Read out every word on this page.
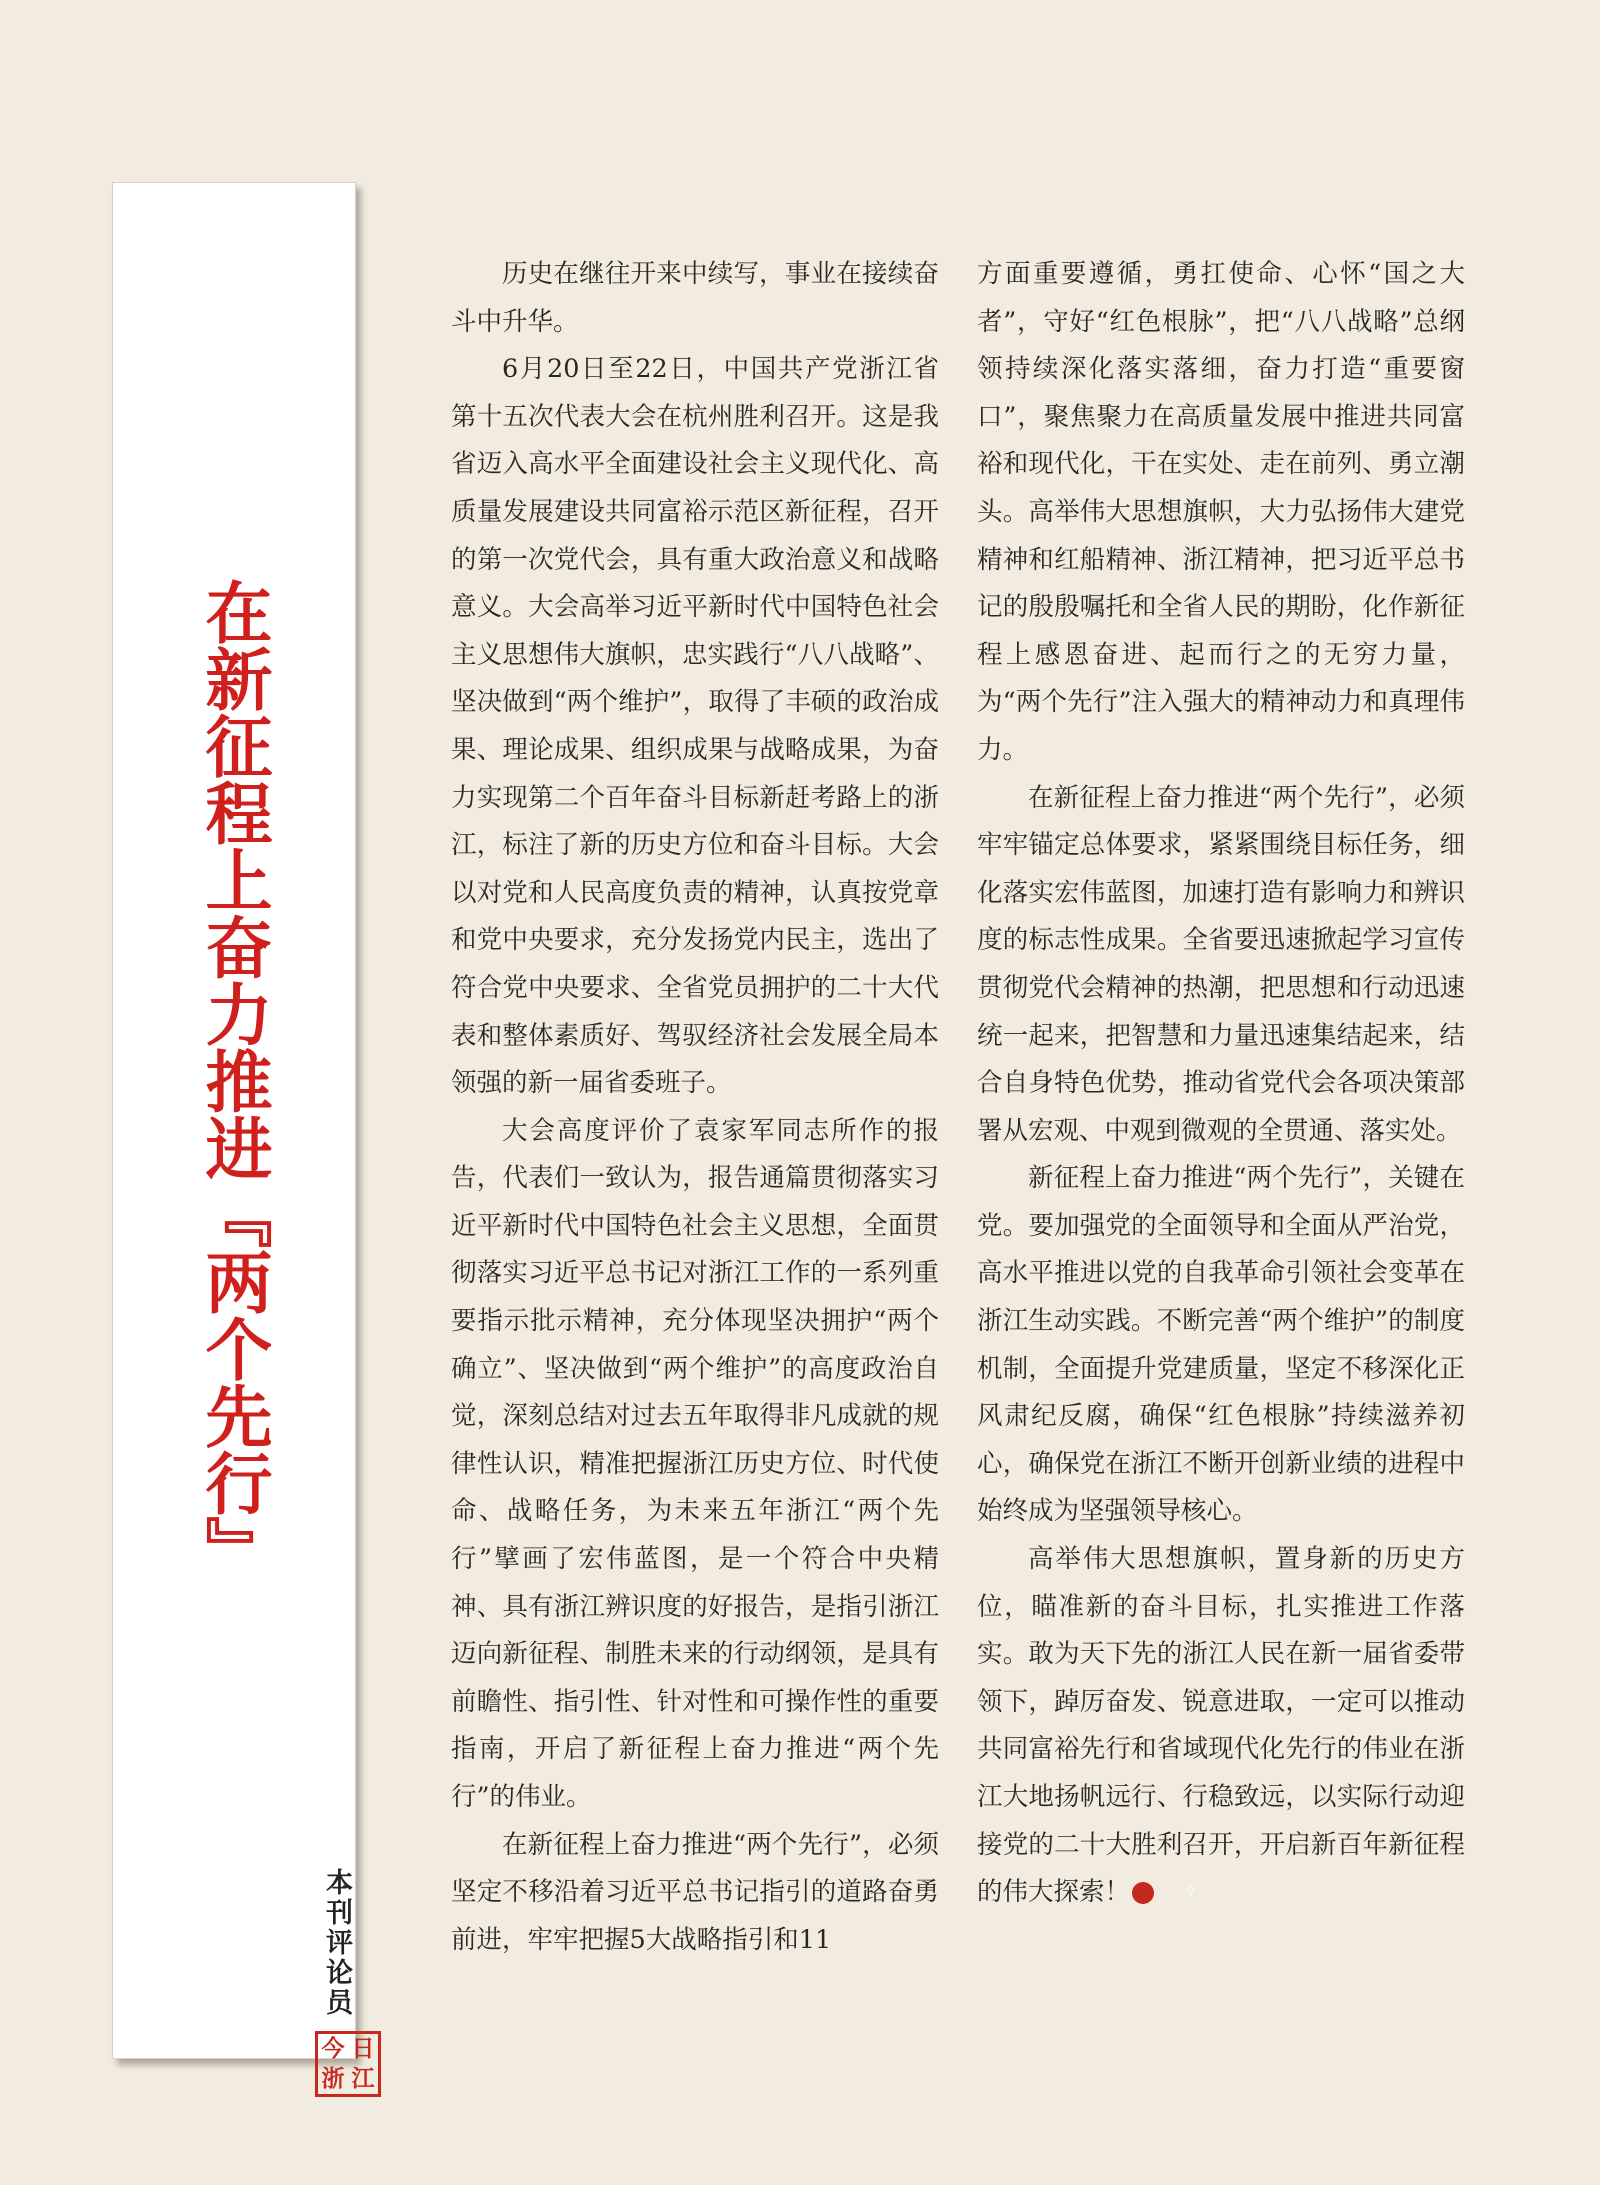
在新征程上奋力推进『两个先行』
本刊评论员
今 日
浙 江

历史在继往开来中续写，事业在接续奋斗中升华。

6月20日至22日，中国共产党浙江省第十五次代表大会在杭州胜利召开。这是我省迈入高水平全面建设社会主义现代化、高质量发展建设共同富裕示范区新征程，召开的第一次党代会，具有重大政治意义和战略意义。大会高举习近平新时代中国特色社会主义思想伟大旗帜，忠实践行“八八战略”、坚决做到“两个维护”，取得了丰硕的政治成果、理论成果、组织成果与战略成果，为奋力实现第二个百年奋斗目标新赶考路上的浙江，标注了新的历史方位和奋斗目标。大会以对党和人民高度负责的精神，认真按党章和党中央要求，充分发扬党内民主，选出了符合党中央要求、全省党员拥护的二十大代表和整体素质好、驾驭经济社会发展全局本领强的新一届省委班子。

大会高度评价了袁家军同志所作的报告，代表们一致认为，报告通篇贯彻落实习近平新时代中国特色社会主义思想，全面贯彻落实习近平总书记对浙江工作的一系列重要指示批示精神，充分体现坚决拥护“两个确立”、坚决做到“两个维护”的高度政治自觉，深刻总结对过去五年取得非凡成就的规律性认识，精准把握浙江历史方位、时代使命、战略任务，为未来五年浙江“两个先行”擘画了宏伟蓝图，是一个符合中央精神、具有浙江辨识度的好报告，是指引浙江迈向新征程、制胜未来的行动纲领，是具有前瞻性、指引性、针对性和可操作性的重要指南，开启了新征程上奋力推进“两个先行”的伟业。

在新征程上奋力推进“两个先行”，必须坚定不移沿着习近平总书记指引的道路奋勇前进，牢牢把握5大战略指引和11

方面重要遵循，勇扛使命、心怀“国之大者”，守好“红色根脉”，把“八八战略”总纲领持续深化落实落细，奋力打造“重要窗口”，聚焦聚力在高质量发展中推进共同富裕和现代化，干在实处、走在前列、勇立潮头。高举伟大思想旗帜，大力弘扬伟大建党精神和红船精神、浙江精神，把习近平总书记的殷殷嘱托和全省人民的期盼，化作新征程上感恩奋进、起而行之的无穷力量，为“两个先行”注入强大的精神动力和真理伟力。

在新征程上奋力推进“两个先行”，必须牢牢锚定总体要求，紧紧围绕目标任务，细化落实宏伟蓝图，加速打造有影响力和辨识度的标志性成果。全省要迅速掀起学习宣传贯彻党代会精神的热潮，把思想和行动迅速统一起来，把智慧和力量迅速集结起来，结合自身特色优势，推动省党代会各项决策部署从宏观、中观到微观的全贯通、落实处。

新征程上奋力推进“两个先行”，关键在党。要加强党的全面领导和全面从严治党，高水平推进以党的自我革命引领社会变革在浙江生动实践。不断完善“两个维护”的制度机制，全面提升党建质量，坚定不移深化正风肃纪反腐，确保“红色根脉”持续滋养初心，确保党在浙江不断开创新业绩的进程中始终成为坚强领导核心。

高举伟大思想旗帜，置身新的历史方位，瞄准新的奋斗目标，扎实推进工作落实。敢为天下先的浙江人民在新一届省委带领下，踔厉奋发、锐意进取，一定可以推动共同富裕先行和省域现代化先行的伟业在浙江大地扬帆远行、行稳致远，以实际行动迎接党的二十大胜利召开，开启新百年新征程的伟大探索！	今
